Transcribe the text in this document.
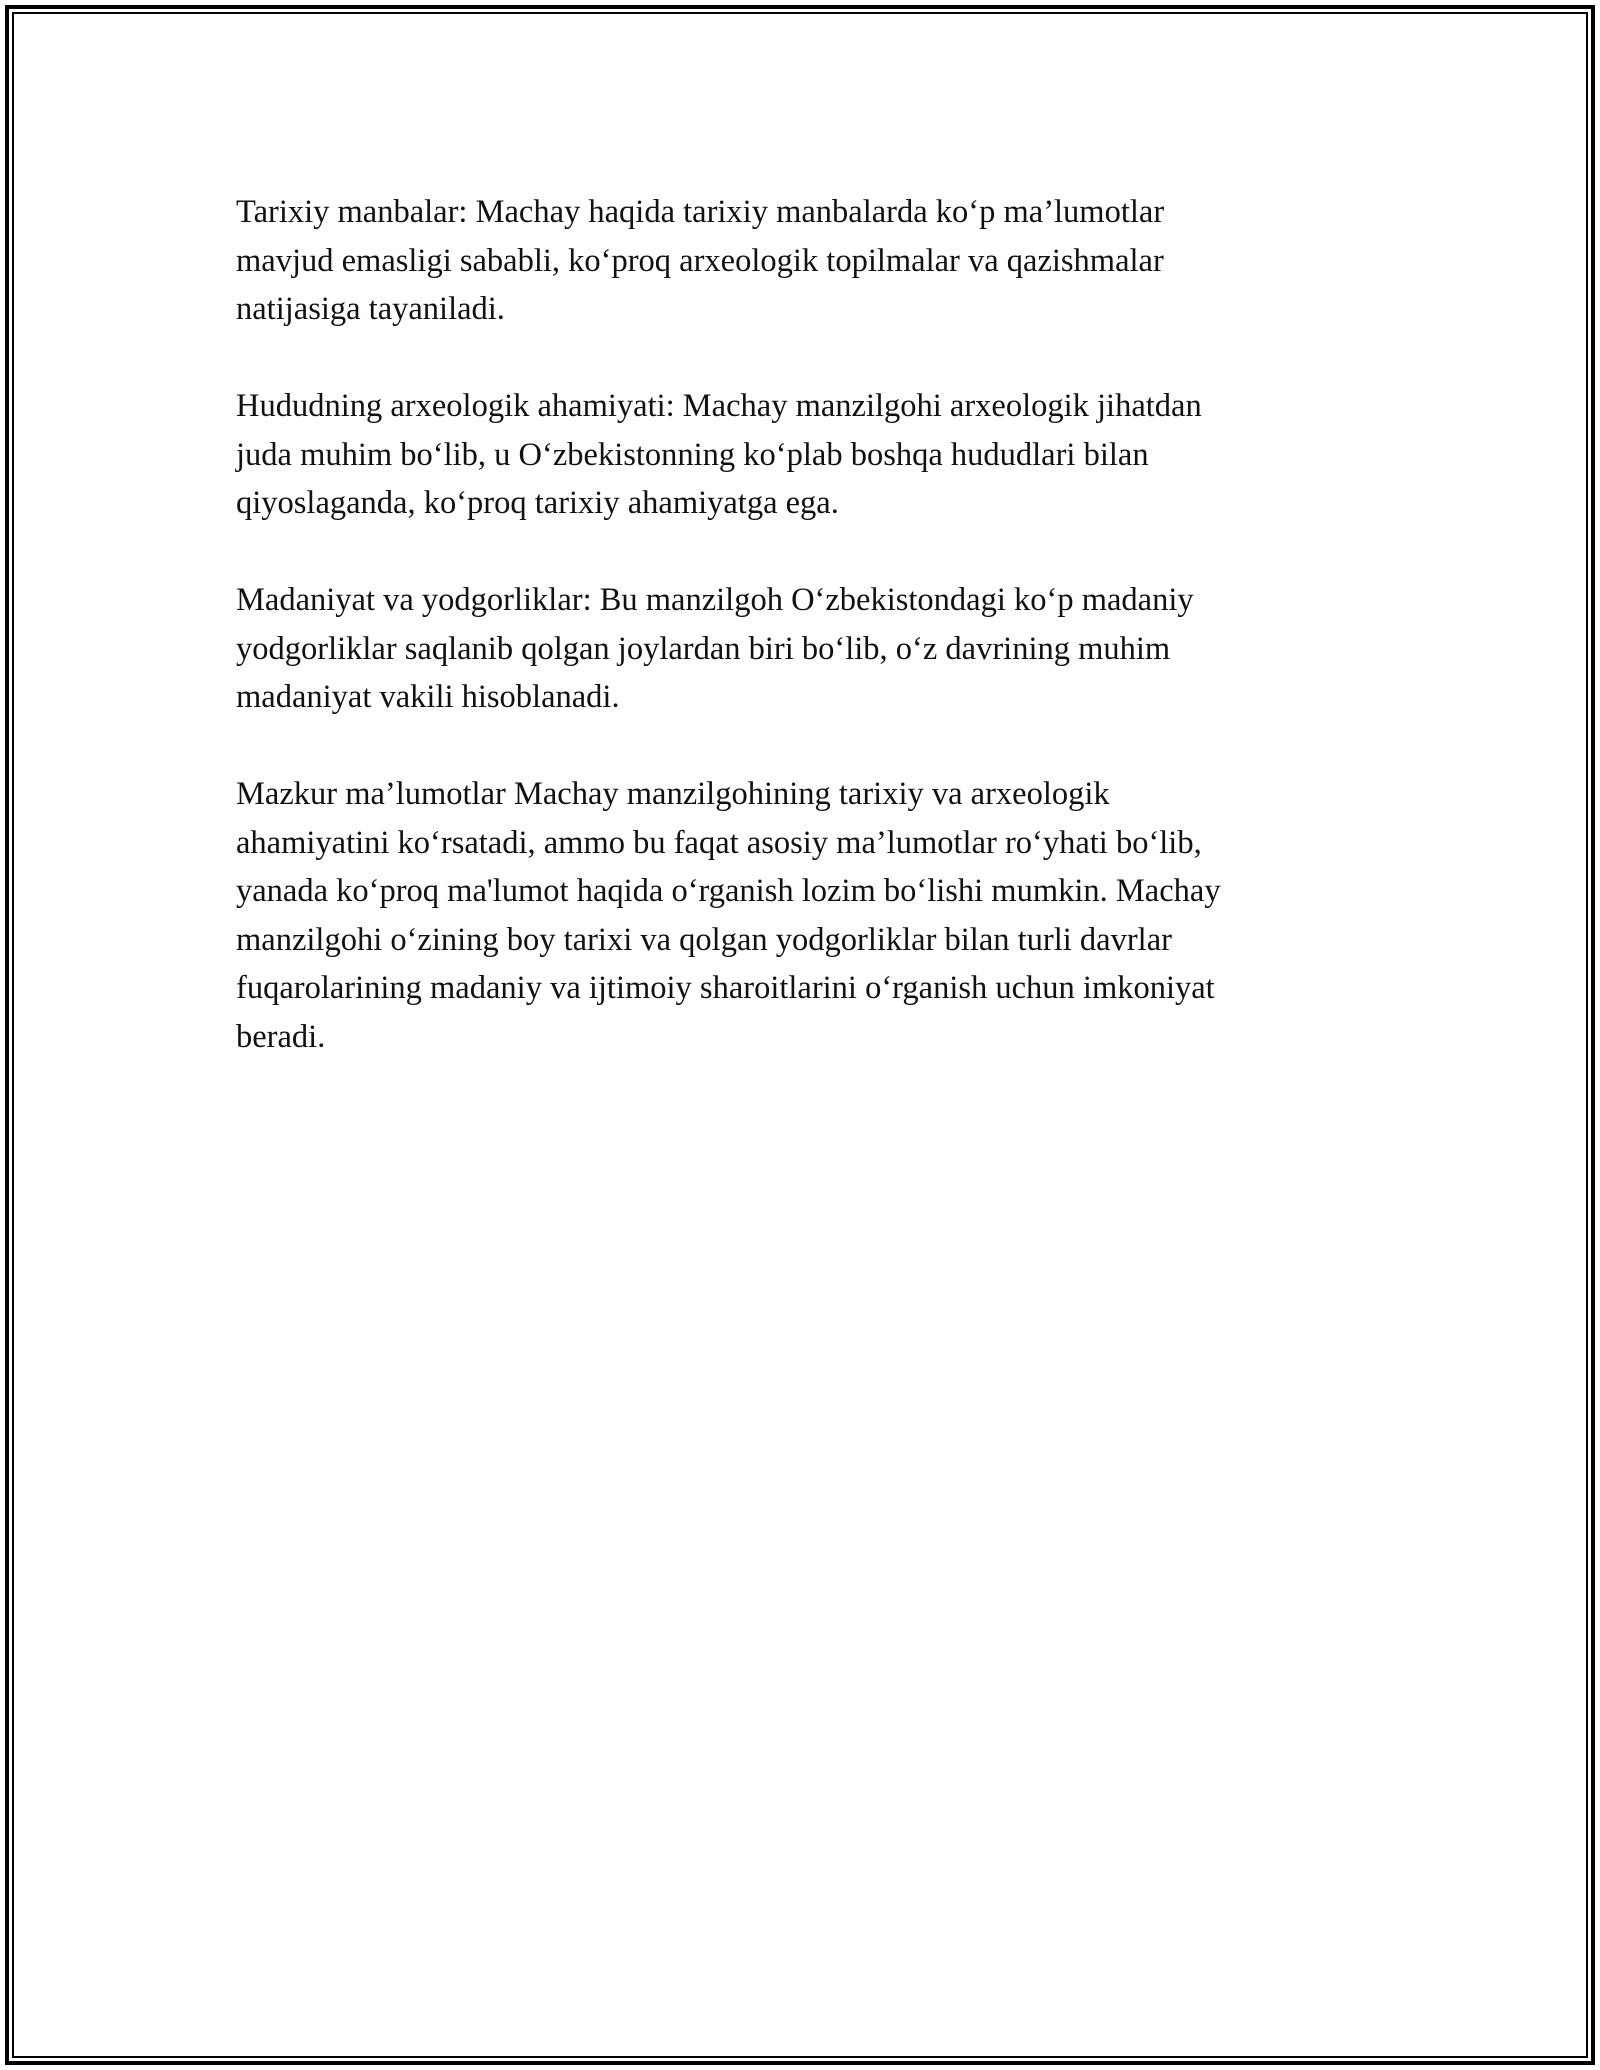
Tarixiy manbalar: Machay haqida tarixiy manbalarda ko‘p ma’lumotlar
mavjud emasligi sababli, ko‘proq arxeologik topilmalar va qazishmalar
natijasiga tayaniladi.

Hududning arxeologik ahamiyati: Machay manzilgohi arxeologik jihatdan
juda muhim bo‘lib, u O‘zbekistonning ko‘plab boshqa hududlari bilan
qiyoslaganda, ko‘proq tarixiy ahamiyatga ega.

Madaniyat va yodgorliklar: Bu manzilgoh O‘zbekistondagi ko‘p madaniy
yodgorliklar saqlanib qolgan joylardan biri bo‘lib, o‘z davrining muhim
madaniyat vakili hisoblanadi.

Mazkur ma’lumotlar Machay manzilgohining tarixiy va arxeologik
ahamiyatini ko‘rsatadi, ammo bu faqat asosiy ma’lumotlar ro‘yhati bo‘lib,
yanada ko‘proq ma'lumot haqida o‘rganish lozim bo‘lishi mumkin. Machay
manzilgohi o‘zining boy tarixi va qolgan yodgorliklar bilan turli davrlar
fuqarolarining madaniy va ijtimoiy sharoitlarini o‘rganish uchun imkoniyat
beradi.
